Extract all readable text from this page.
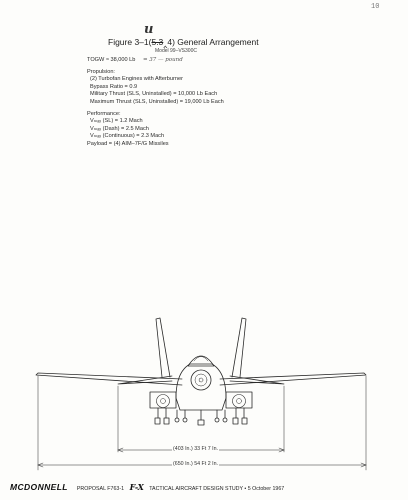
10
u
Figure 3–1(5.3‸4) General Arrangement
Model 99–VS300C
TOGW ≈ 38,000 Lb = 37 — pound
Propulsion:
(2) Turbofan Engines with Afterburner
Bypass Ratio = 0.9
Military Thrust (SLS, Uninstalled) = 10,000 Lb Each
Maximum Thrust (SLS, Uninstalled) = 19,000 Lb Each
Performance:
Vₘₐₓ (SL) = 1.2 Mach
Vₘₐₓ (Dash) = 2.5 Mach
Vₘₐₓ (Continuous) = 2.3 Mach
Payload = (4) AIM–7F/G Missiles
(403 In.) 33 Ft 7 In.
(650 In.) 54 Ft 2 In.
MCDONNELL PROPOSAL F763-1 F-X TACTICAL AIRCRAFT DESIGN STUDY • 5 October 1967
